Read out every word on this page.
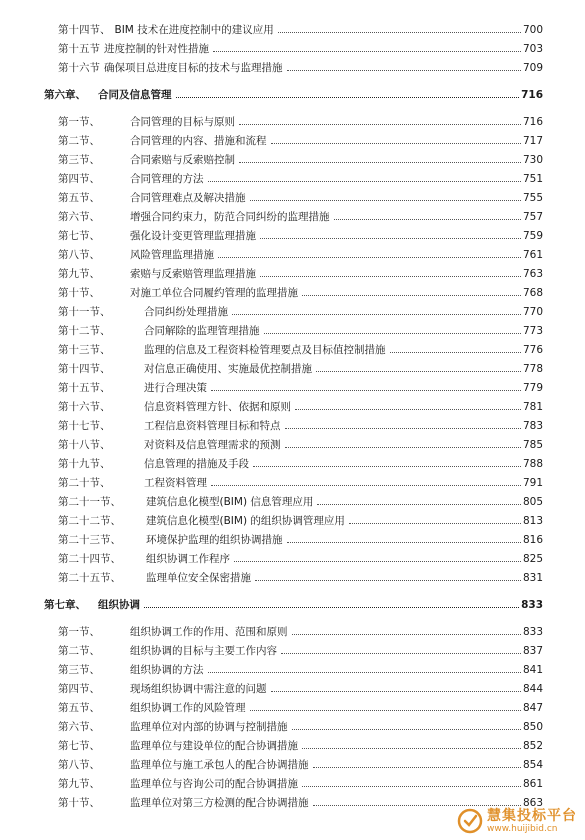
第十四节、 BIM 技术在进度控制中的建议应用	700
第十五节 进度控制的针对性措施	703
第十六节 确保项目总进度目标的技术与监理措施	709
第六章、 合同及信息管理	716
第一节、	合同管理的目标与原则	716
第二节、	合同管理的内容、措施和流程	717
第三节、	合同索赔与反索赔控制	730
第四节、	合同管理的方法	751
第五节、	合同管理难点及解决措施	755
第六节、	增强合同约束力，防范合同纠纷的监理措施	757
第七节、	强化设计变更管理监理措施	759
第八节、	风险管理监理措施	761
第九节、	索赔与反索赔管理监理措施	763
第十节、	对施工单位合同履约管理的监理措施	768
第十一节、	合同纠纷处理措施	770
第十二节、	合同解除的监理管理措施	773
第十三节、	监理的信息及工程资料检管理要点及目标值控制措施	776
第十四节、	对信息正确使用、实施最优控制措施	778
第十五节、	进行合理决策	779
第十六节、	信息资料管理方针、依据和原则	781
第十七节、	工程信息资料管理目标和特点	783
第十八节、	对资料及信息管理需求的预测	785
第十九节、	信息管理的措施及手段	788
第二十节、	工程资料管理	791
第二十一节、 建筑信息化模型(BIM) 信息管理应用	805
第二十二节、 建筑信息化模型(BIM) 的组织协调管理应用	813
第二十三节、 环境保护监理的组织协调措施	816
第二十四节、 组织协调工作程序	825
第二十五节、 监理单位安全保密措施	831
第七章、 组织协调	833
第一节、	组织协调工作的作用、范围和原则	833
第二节、	组织协调的目标与主要工作内容	837
第三节、	组织协调的方法	841
第四节、	现场组织协调中需注意的问题	844
第五节、	组织协调工作的风险管理	847
第六节、	监理单位对内部的协调与控制措施	850
第七节、	监理单位与建设单位的配合协调措施	852
第八节、	监理单位与施工承包人的配合协调措施	854
第九节、	监理单位与咨询公司的配合协调措施	861
第十节、	监理单位对第三方检测的配合协调措施	863
慧集投标平台
www.huijibid.cn
